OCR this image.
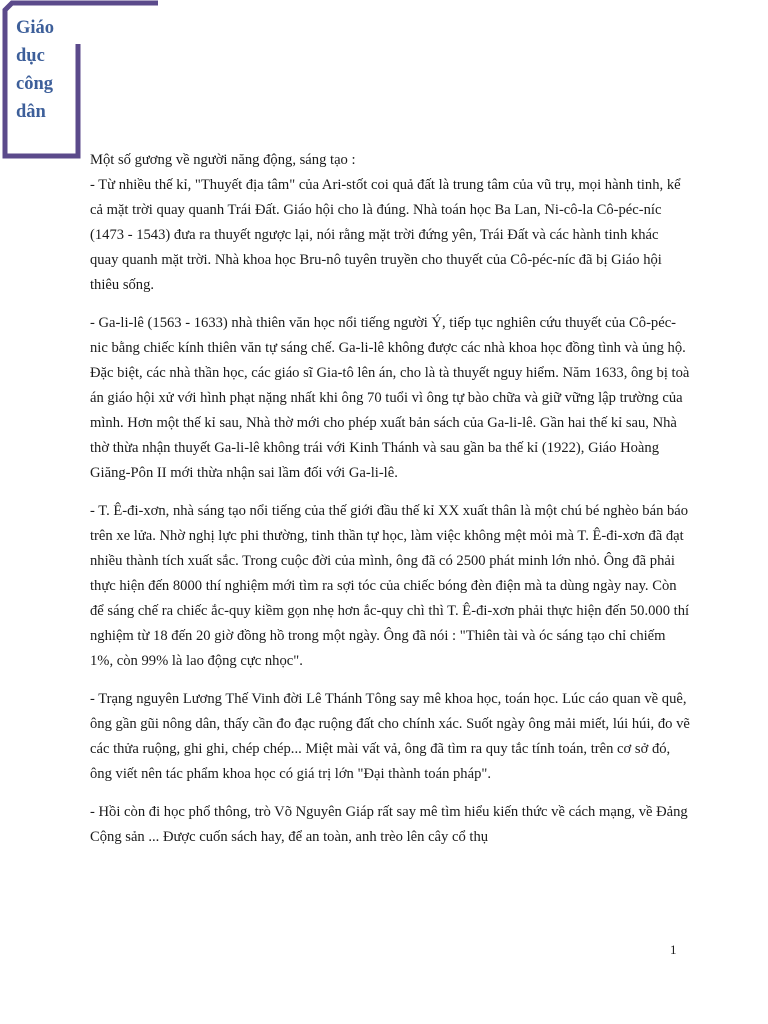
Giáo
dục
công
dân

Một số gương về người năng động, sáng tạo :

- Từ nhiều thế kỉ, "Thuyết địa tâm" của Ari-stốt coi quả đất là trung tâm của vũ trụ, mọi hành tinh, kể cả mặt trời quay quanh Trái Đất. Giáo hội cho là đúng. Nhà toán học Ba Lan, Ni-cô-la Cô-péc-níc (1473 - 1543) đưa ra thuyết ngược lại, nói rằng mặt trời đứng yên, Trái Đất và các hành tinh khác quay quanh mặt trời. Nhà khoa học Bru-nô tuyên truyền cho thuyết của Cô-péc-níc đã bị Giáo hội thiêu sống.

- Ga-li-lê (1563 - 1633) nhà thiên văn học nổi tiếng người Ý, tiếp tục nghiên cứu thuyết của Cô-péc-nic bằng chiếc kính thiên văn tự sáng chế. Ga-li-lê không được các nhà khoa học đồng tình và ủng hộ. Đặc biệt, các nhà thần học, các giáo sĩ Gia-tô lên án, cho là tà thuyết nguy hiểm. Năm 1633, ông bị toà án giáo hội xử với hình phạt nặng nhất khi ông 70 tuổi vì ông tự bào chữa và giữ vững lập trường của mình. Hơn một thế kỉ sau, Nhà thờ mới cho phép xuất bản sách của Ga-li-lê. Gần hai thế kỉ sau, Nhà thờ thừa nhận thuyết Ga-li-lê không trái với Kinh Thánh và sau gần ba thế kỉ (1922), Giáo Hoàng Giăng-Pôn II mới thừa nhận sai lầm đối với Ga-li-lê.

- T. Ê-đi-xơn, nhà sáng tạo nổi tiếng của thế giới đầu thế kỉ XX xuất thân là một chú bé nghèo bán báo trên xe lửa. Nhờ nghị lực phi thường, tinh thần tự học, làm việc không mệt mỏi mà T. Ê-đi-xơn đã đạt nhiều thành tích xuất sắc. Trong cuộc đời của mình, ông đã có 2500 phát minh lớn nhỏ. Ông đã phải thực hiện đến 8000 thí nghiệm mới tìm ra sợi tóc của chiếc bóng đèn điện mà ta dùng ngày nay. Còn để sáng chế ra chiếc ắc-quy kiềm gọn nhẹ hơn ắc-quy chì thì T. Ê-đi-xơn phải thực hiện đến 50.000 thí nghiệm từ 18 đến 20 giờ đồng hồ trong một ngày. Ông đã nói : "Thiên tài và óc sáng tạo chỉ chiếm 1%, còn 99% là lao động cực nhọc".

- Trạng nguyên Lương Thế Vinh đời Lê Thánh Tông say mê khoa học, toán học. Lúc cáo quan về quê, ông gần gũi nông dân, thấy cần đo đạc ruộng đất cho chính xác. Suốt ngày ông mải miết, lúi húi, đo vẽ các thửa ruộng, ghi ghi, chép chép... Miệt mài vất vả, ông đã tìm ra quy tắc tính toán, trên cơ sở đó, ông viết nên tác phẩm khoa học có giá trị lớn "Đại thành toán pháp".

- Hồi còn đi học phổ thông, trò Võ Nguyên Giáp rất say mê tìm hiểu kiến thức về cách mạng, về Đảng Cộng sản ... Được cuốn sách hay, để an toàn, anh trèo lên cây cổ thụ

1
